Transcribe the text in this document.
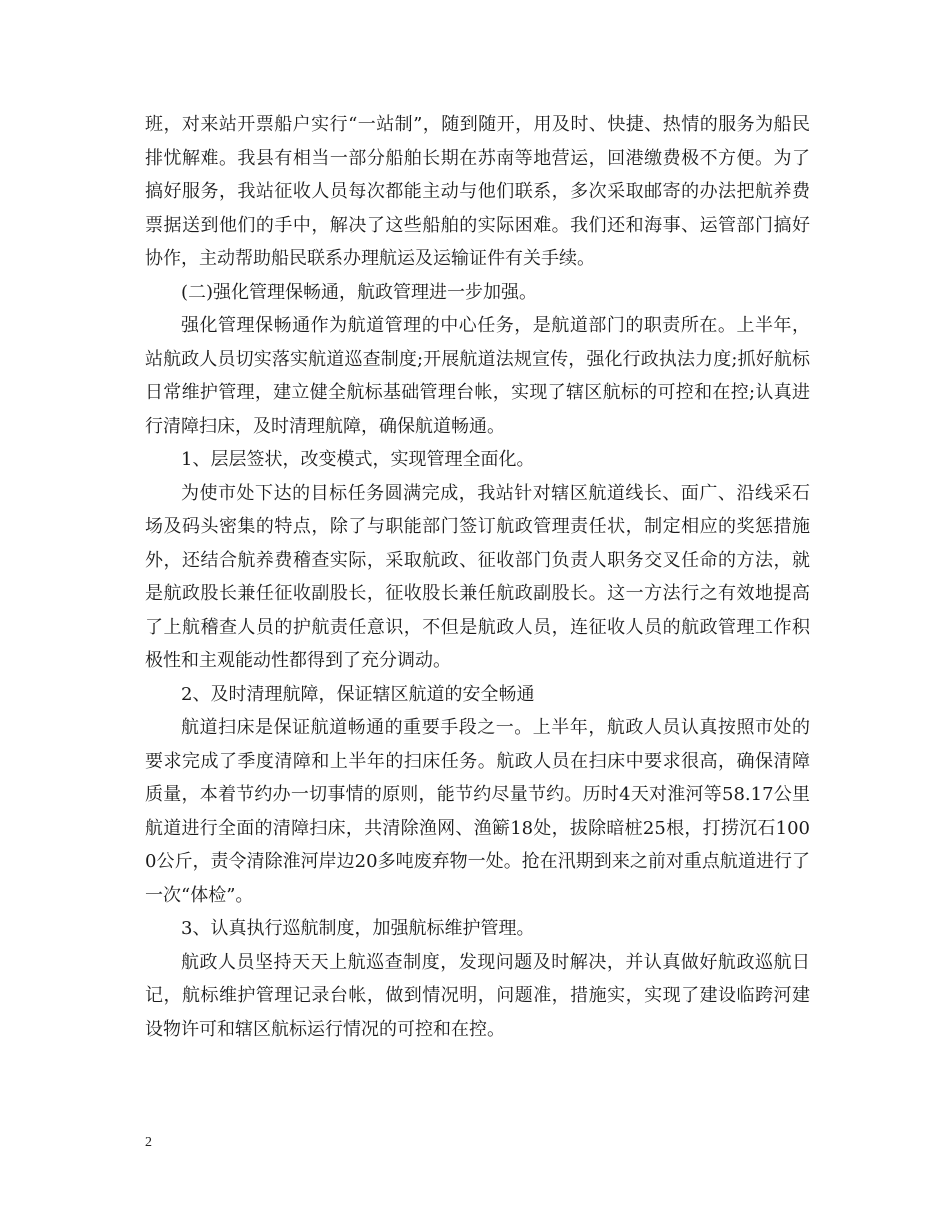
班，对来站开票船户实行“一站制”，随到随开，用及时、快捷、热情的服务为船民排忧解难。我县有相当一部分船舶长期在苏南等地营运，回港缴费极不方便。为了搞好服务，我站征收人员每次都能主动与他们联系，多次采取邮寄的办法把航养费票据送到他们的手中，解决了这些船舶的实际困难。我们还和海事、运管部门搞好协作，主动帮助船民联系办理航运及运输证件有关手续。

(二)强化管理保畅通，航政管理进一步加强。

强化管理保畅通作为航道管理的中心任务，是航道部门的职责所在。上半年，站航政人员切实落实航道巡查制度;开展航道法规宣传，强化行政执法力度;抓好航标日常维护管理，建立健全航标基础管理台帐，实现了辖区航标的可控和在控;认真进行清障扫床，及时清理航障，确保航道畅通。

1、层层签状，改变模式，实现管理全面化。

为使市处下达的目标任务圆满完成，我站针对辖区航道线长、面广、沿线采石场及码头密集的特点，除了与职能部门签订航政管理责任状，制定相应的奖惩措施外，还结合航养费稽查实际，采取航政、征收部门负责人职务交叉任命的方法，就是航政股长兼任征收副股长，征收股长兼任航政副股长。这一方法行之有效地提高了上航稽查人员的护航责任意识，不但是航政人员，连征收人员的航政管理工作积极性和主观能动性都得到了充分调动。

2、及时清理航障，保证辖区航道的安全畅通

航道扫床是保证航道畅通的重要手段之一。上半年，航政人员认真按照市处的要求完成了季度清障和上半年的扫床任务。航政人员在扫床中要求很高，确保清障质量，本着节约办一切事情的原则，能节约尽量节约。历时4天对淮河等58.17公里航道进行全面的清障扫床，共清除渔网、渔簖18处，拔除暗桩25根，打捞沉石1000公斤，责令清除淮河岸边20多吨废弃物一处。抢在汛期到来之前对重点航道进行了一次“体检”。

3、认真执行巡航制度，加强航标维护管理。

航政人员坚持天天上航巡查制度，发现问题及时解决，并认真做好航政巡航日记，航标维护管理记录台帐，做到情况明，问题准，措施实，实现了建设临跨河建设物许可和辖区航标运行情况的可控和在控。

2
